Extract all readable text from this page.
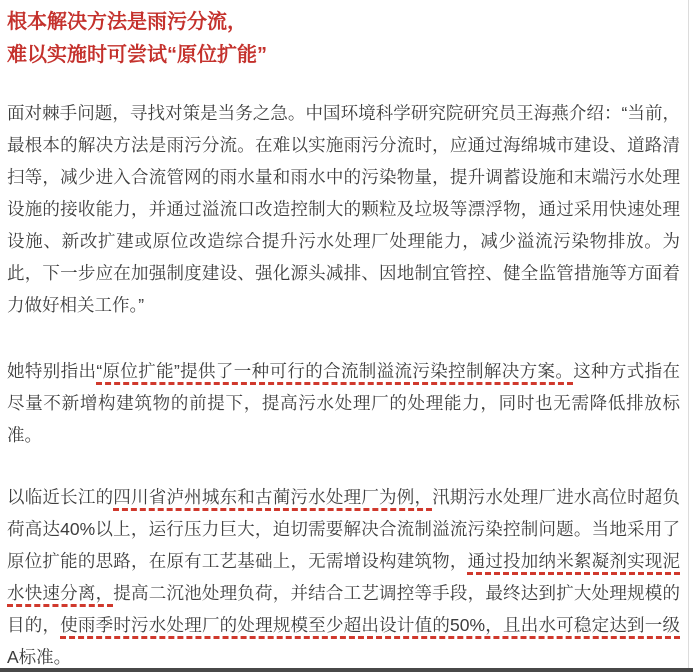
根本解决方法是雨污分流，
难以实施时可尝试“原位扩能”

面对棘手问题，寻找对策是当务之急。中国环境科学研究院研究员王海燕介绍：“当前，最根本的解决方法是雨污分流。在难以实施雨污分流时，应通过海绵城市建设、道路清扫等，减少进入合流管网的雨水量和雨水中的污染物量，提升调蓄设施和末端污水处理设施的接收能力，并通过溢流口改造控制大的颗粒及垃圾等漂浮物，通过采用快速处理设施、新改扩建或原位改造综合提升污水处理厂处理能力，减少溢流污染物排放。为此，下一步应在加强制度建设、强化源头减排、因地制宜管控、健全监管措施等方面着力做好相关工作。”

她特别指出“原位扩能”提供了一种可行的合流制溢流污染控制解决方案。这种方式指在尽量不新增构建筑物的前提下，提高污水处理厂的处理能力，同时也无需降低排放标准。

以临近长江的四川省泸州城东和古蔺污水处理厂为例，汛期污水处理厂进水高位时超负荷高达40%以上，运行压力巨大，迫切需要解决合流制溢流污染控制问题。当地采用了原位扩能的思路，在原有工艺基础上，无需增设构建筑物，通过投加纳米絮凝剂实现泥水快速分离，提高二沉池处理负荷，并结合工艺调控等手段，最终达到扩大处理规模的目的，使雨季时污水处理厂的处理规模至少超出设计值的50%，且出水可稳定达到一级A标准。
